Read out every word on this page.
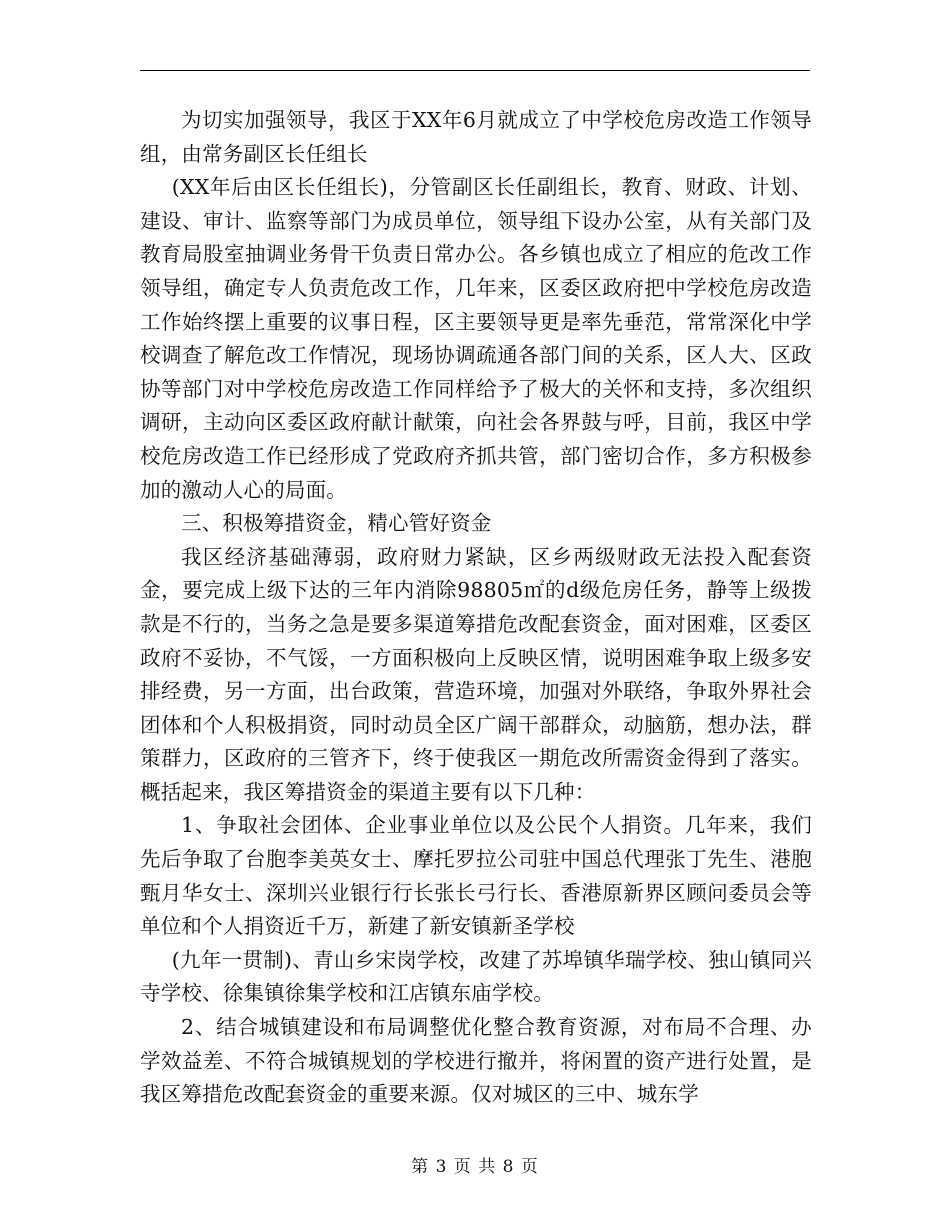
为切实加强领导，我区于XX年6月就成立了中学校危房改造工作领导组，由常务副区长任组长

(XX年后由区长任组长)，分管副区长任副组长，教育、财政、计划、建设、审计、监察等部门为成员单位，领导组下设办公室，从有关部门及教育局股室抽调业务骨干负责日常办公。各乡镇也成立了相应的危改工作领导组，确定专人负责危改工作，几年来，区委区政府把中学校危房改造工作始终摆上重要的议事日程，区主要领导更是率先垂范，常常深化中学校调查了解危改工作情况，现场协调疏通各部门间的关系，区人大、区政协等部门对中学校危房改造工作同样给予了极大的关怀和支持，多次组织调研，主动向区委区政府献计献策，向社会各界鼓与呼，目前，我区中学校危房改造工作已经形成了党政府齐抓共管，部门密切合作，多方积极参加的激动人心的局面。

三、积极筹措资金，精心管好资金

我区经济基础薄弱，政府财力紧缺，区乡两级财政无法投入配套资金，要完成上级下达的三年内消除98805㎡的d级危房任务，静等上级拨款是不行的，当务之急是要多渠道筹措危改配套资金，面对困难，区委区政府不妥协，不气馁，一方面积极向上反映区情，说明困难争取上级多安排经费，另一方面，出台政策，营造环境，加强对外联络，争取外界社会团体和个人积极捐资，同时动员全区广阔干部群众，动脑筋，想办法，群策群力，区政府的三管齐下，终于使我区一期危改所需资金得到了落实。概括起来，我区筹措资金的渠道主要有以下几种：

1、争取社会团体、企业事业单位以及公民个人捐资。几年来，我们先后争取了台胞李美英女士、摩托罗拉公司驻中国总代理张丁先生、港胞甄月华女士、深圳兴业银行行长张长弓行长、香港原新界区顾问委员会等单位和个人捐资近千万，新建了新安镇新圣学校

(九年一贯制)、青山乡宋岗学校，改建了苏埠镇华瑞学校、独山镇同兴寺学校、徐集镇徐集学校和江店镇东庙学校。

2、结合城镇建设和布局调整优化整合教育资源，对布局不合理、办学效益差、不符合城镇规划的学校进行撤并，将闲置的资产进行处置，是我区筹措危改配套资金的重要来源。仅对城区的三中、城东学

第 3 页 共 8 页
